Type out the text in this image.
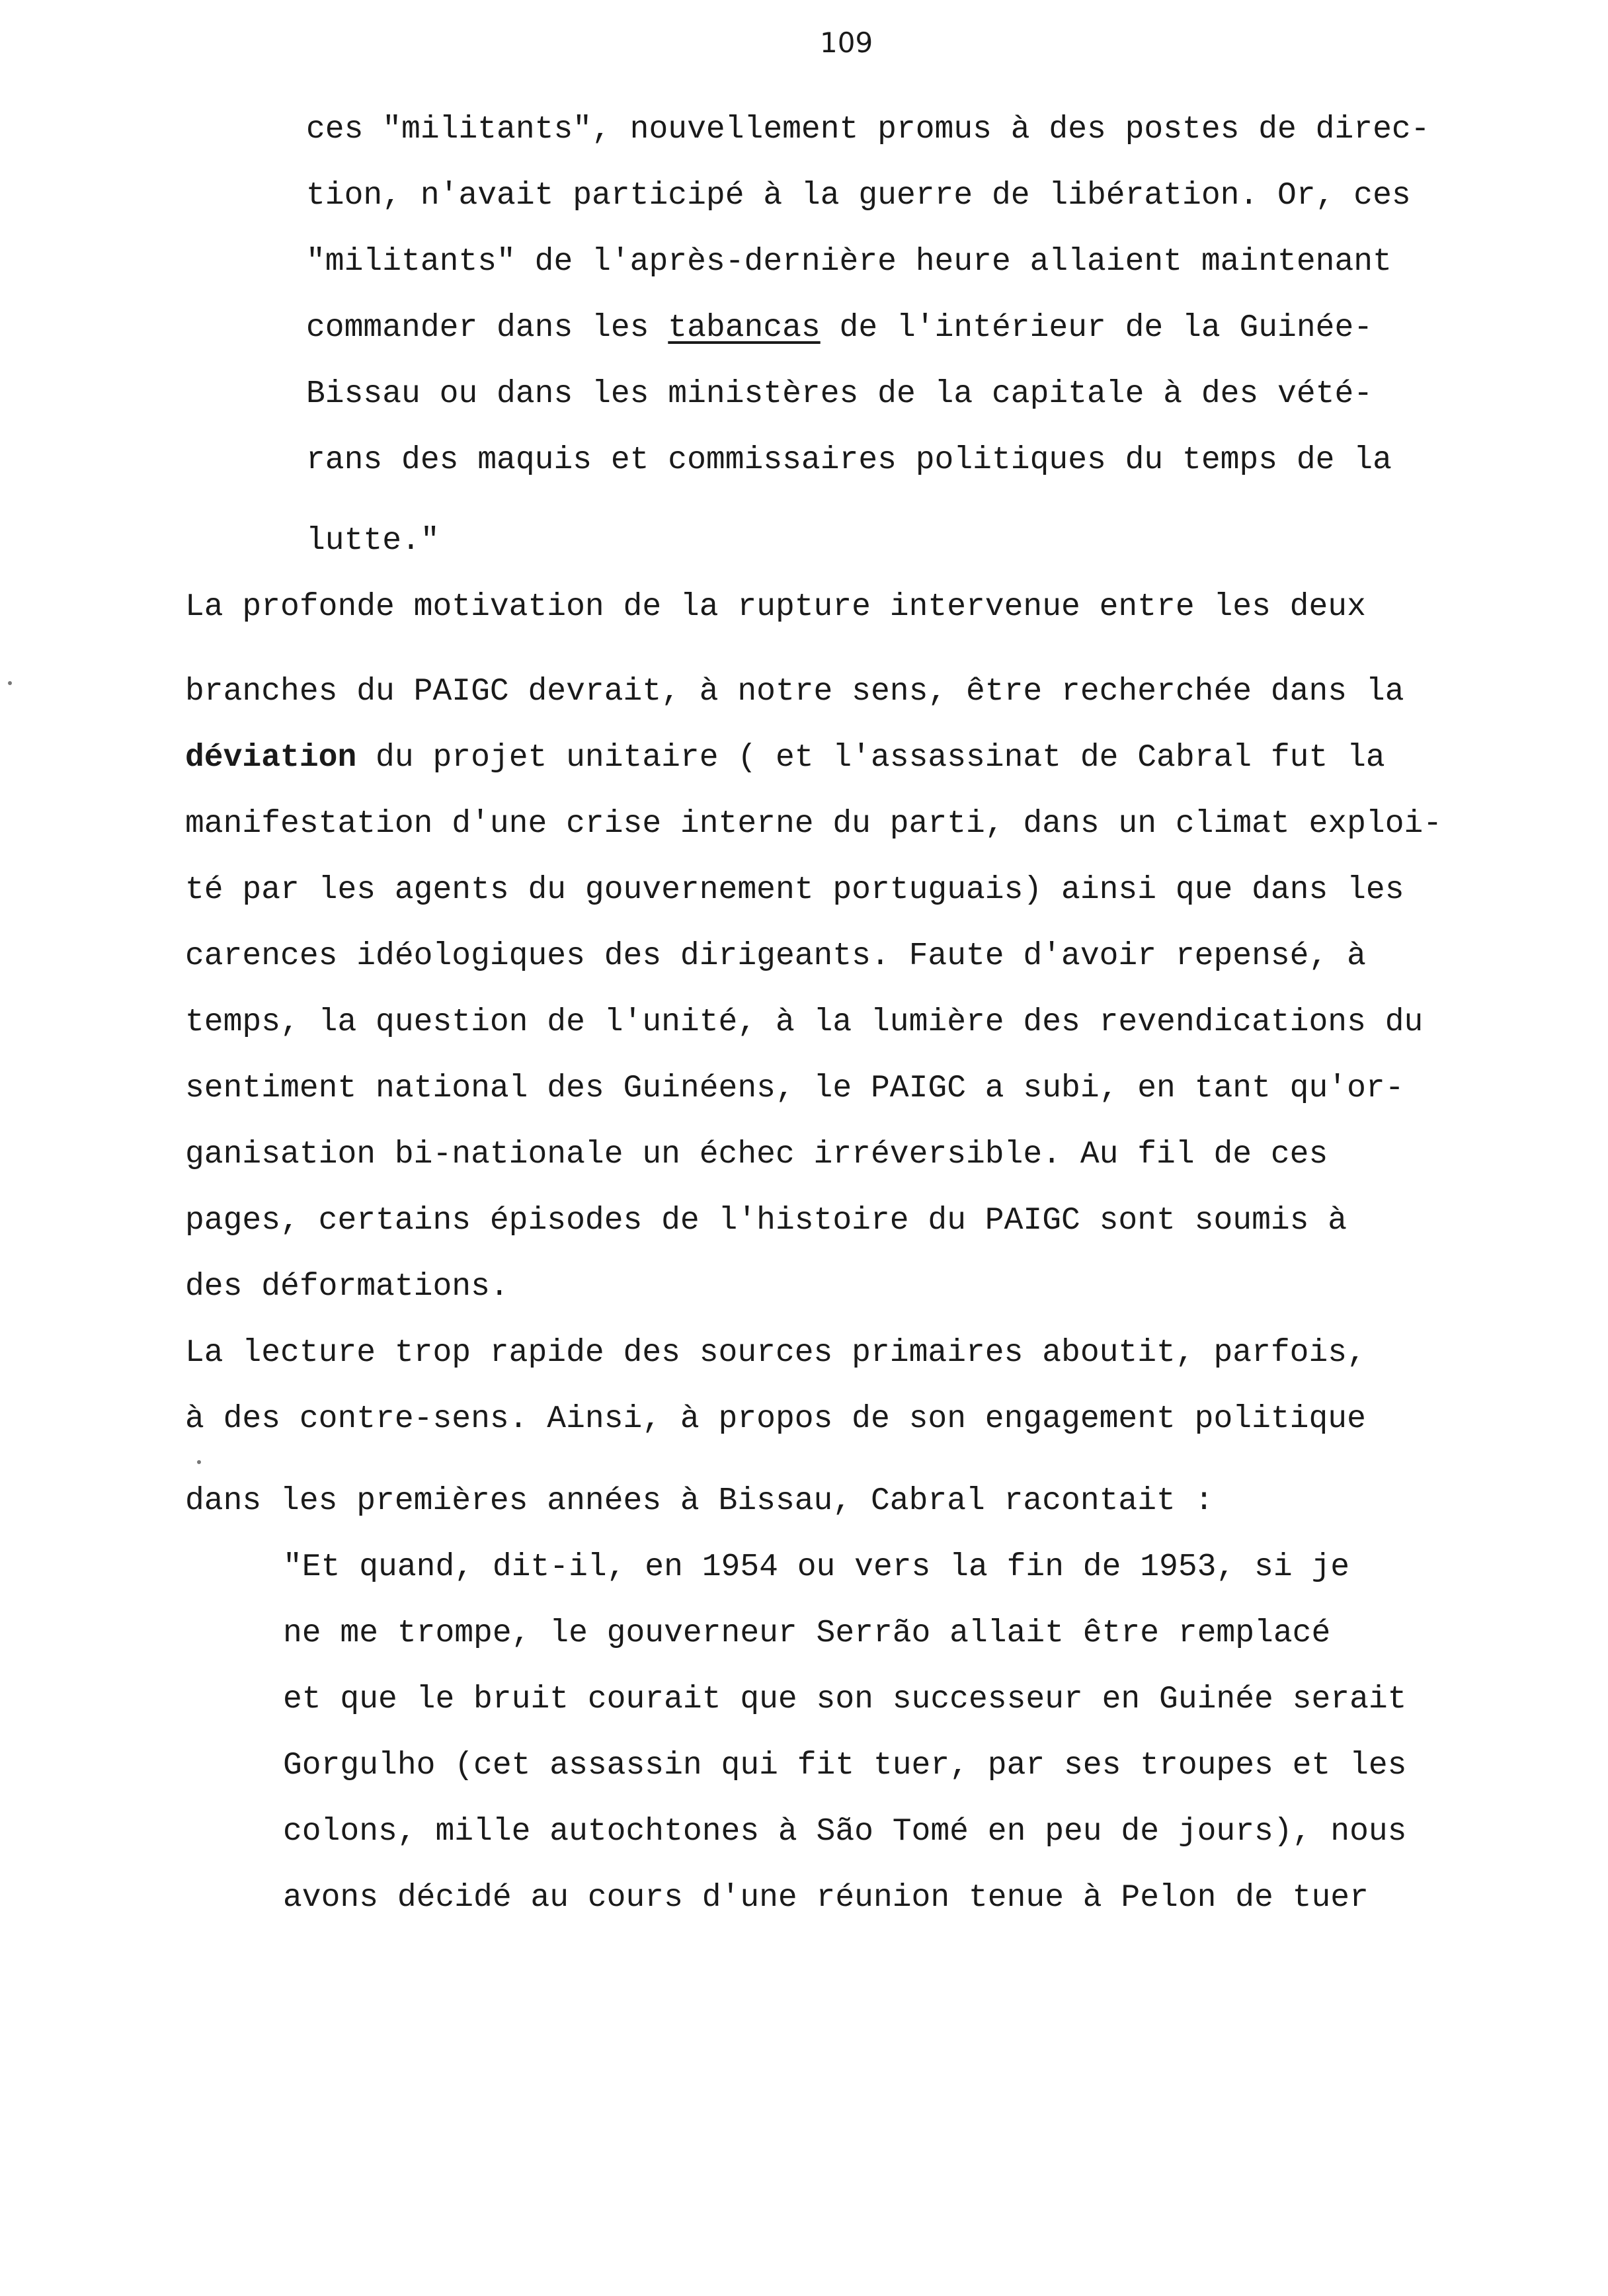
109
ces "militants", nouvellement promus à des postes de direc-
tion, n'avait participé à la guerre de libération. Or, ces
"militants" de l'après-dernière heure allaient maintenant
commander dans les tabancas de l'intérieur de la Guinée-
Bissau ou dans les ministères de la capitale à des vété-
rans des maquis et commissaires politiques du temps de la
lutte."
La profonde motivation de la rupture intervenue entre les deux
branches du PAIGC devrait, à notre sens, être recherchée dans la
déviation du projet unitaire ( et l'assassinat de Cabral fut la
manifestation d'une crise interne du parti, dans un climat exploi-
té par les agents du gouvernement portuguais) ainsi que dans les
carences idéologiques des dirigeants. Faute d'avoir repensé, à
temps, la question de l'unité, à la lumière des revendications du
sentiment national des Guinéens, le PAIGC a subi, en tant qu'or-
ganisation bi-nationale un échec irréversible. Au fil de ces
pages, certains épisodes de l'histoire du PAIGC sont soumis à
des déformations.
La lecture trop rapide des sources primaires aboutit, parfois,
à des contre-sens. Ainsi, à propos de son engagement politique
dans les premières années à Bissau, Cabral racontait :
"Et quand, dit-il, en 1954 ou vers la fin de 1953, si je
ne me trompe, le gouverneur Serrão allait être remplacé
et que le bruit courait que son successeur en Guinée serait
Gorgulho (cet assassin qui fit tuer, par ses troupes et les
colons, mille autochtones à São Tomé en peu de jours), nous
avons décidé au cours d'une réunion tenue à Pelon de tuer
